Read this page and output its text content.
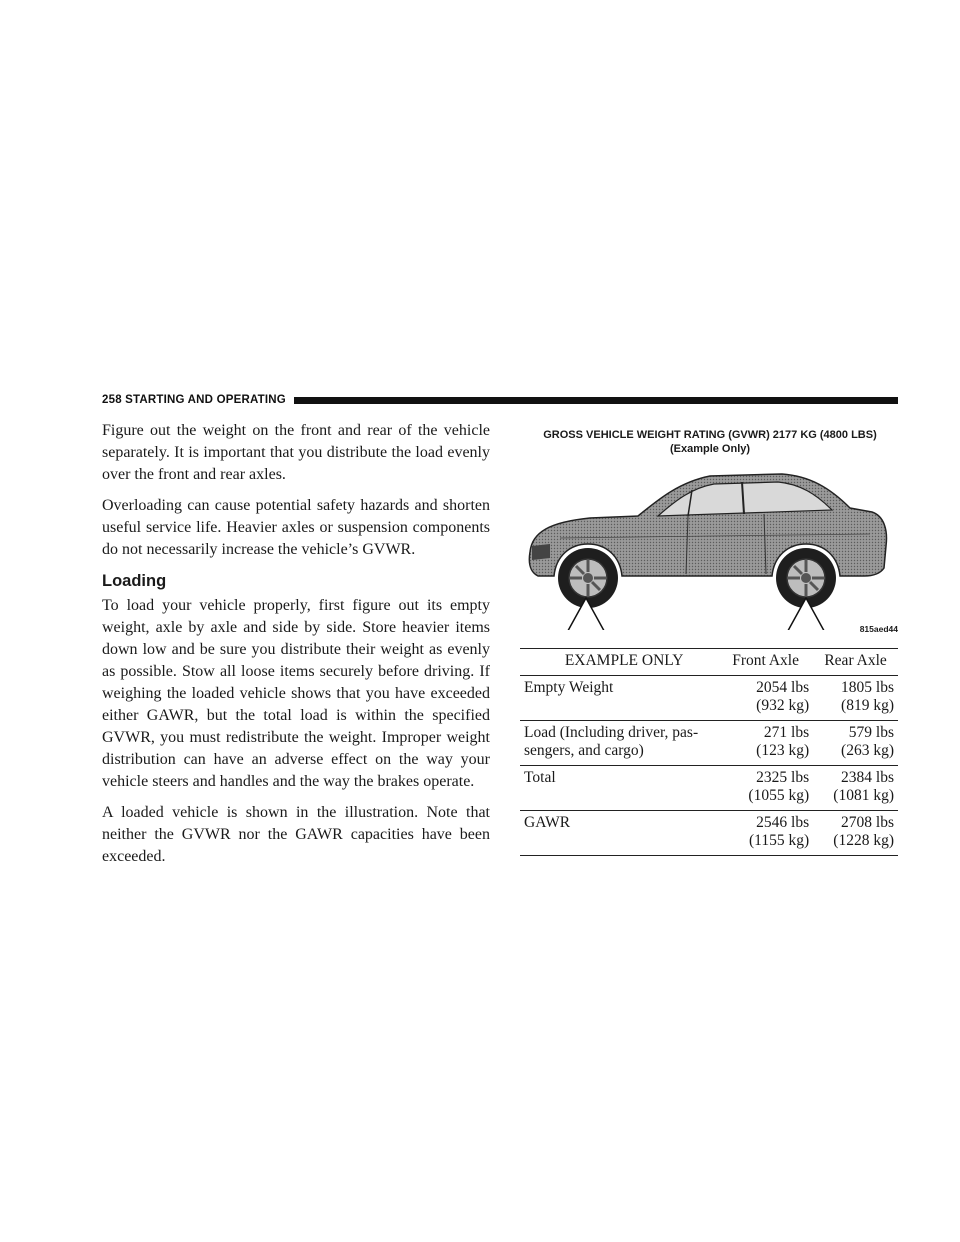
258 STARTING AND OPERATING

Figure out the weight on the front and rear of the vehicle separately. It is important that you distribute the load evenly over the front and rear axles.

Overloading can cause potential safety hazards and shorten useful service life. Heavier axles or suspension components do not necessarily increase the vehicle’s GVWR.

Loading

To load your vehicle properly, first figure out its empty weight, axle by axle and side by side. Store heavier items down low and be sure you distribute their weight as evenly as possible. Stow all loose items securely before driving. If weighing the loaded vehicle shows that you have exceeded either GAWR, but the total load is within the specified GVWR, you must redistribute the weight. Improper weight distribution can have an adverse effect on the way your vehicle steers and handles and the way the brakes operate.

A loaded vehicle is shown in the illustration. Note that neither the GVWR nor the GAWR capacities have been exceeded.

GROSS VEHICLE WEIGHT RATING (GVWR) 2177 KG (4800 LBS)
(Example Only)
815aed44
EXAMPLE ONLY	Front Axle	Rear Axle
Empty Weight	2054 lbs (932 kg)	1805 lbs (819 kg)
Load (Including driver, pas-sengers, and cargo)	271 lbs (123 kg)	579 lbs (263 kg)
Total	2325 lbs (1055 kg)	2384 lbs (1081 kg)
GAWR	2546 lbs (1155 kg)	2708 lbs (1228 kg)
